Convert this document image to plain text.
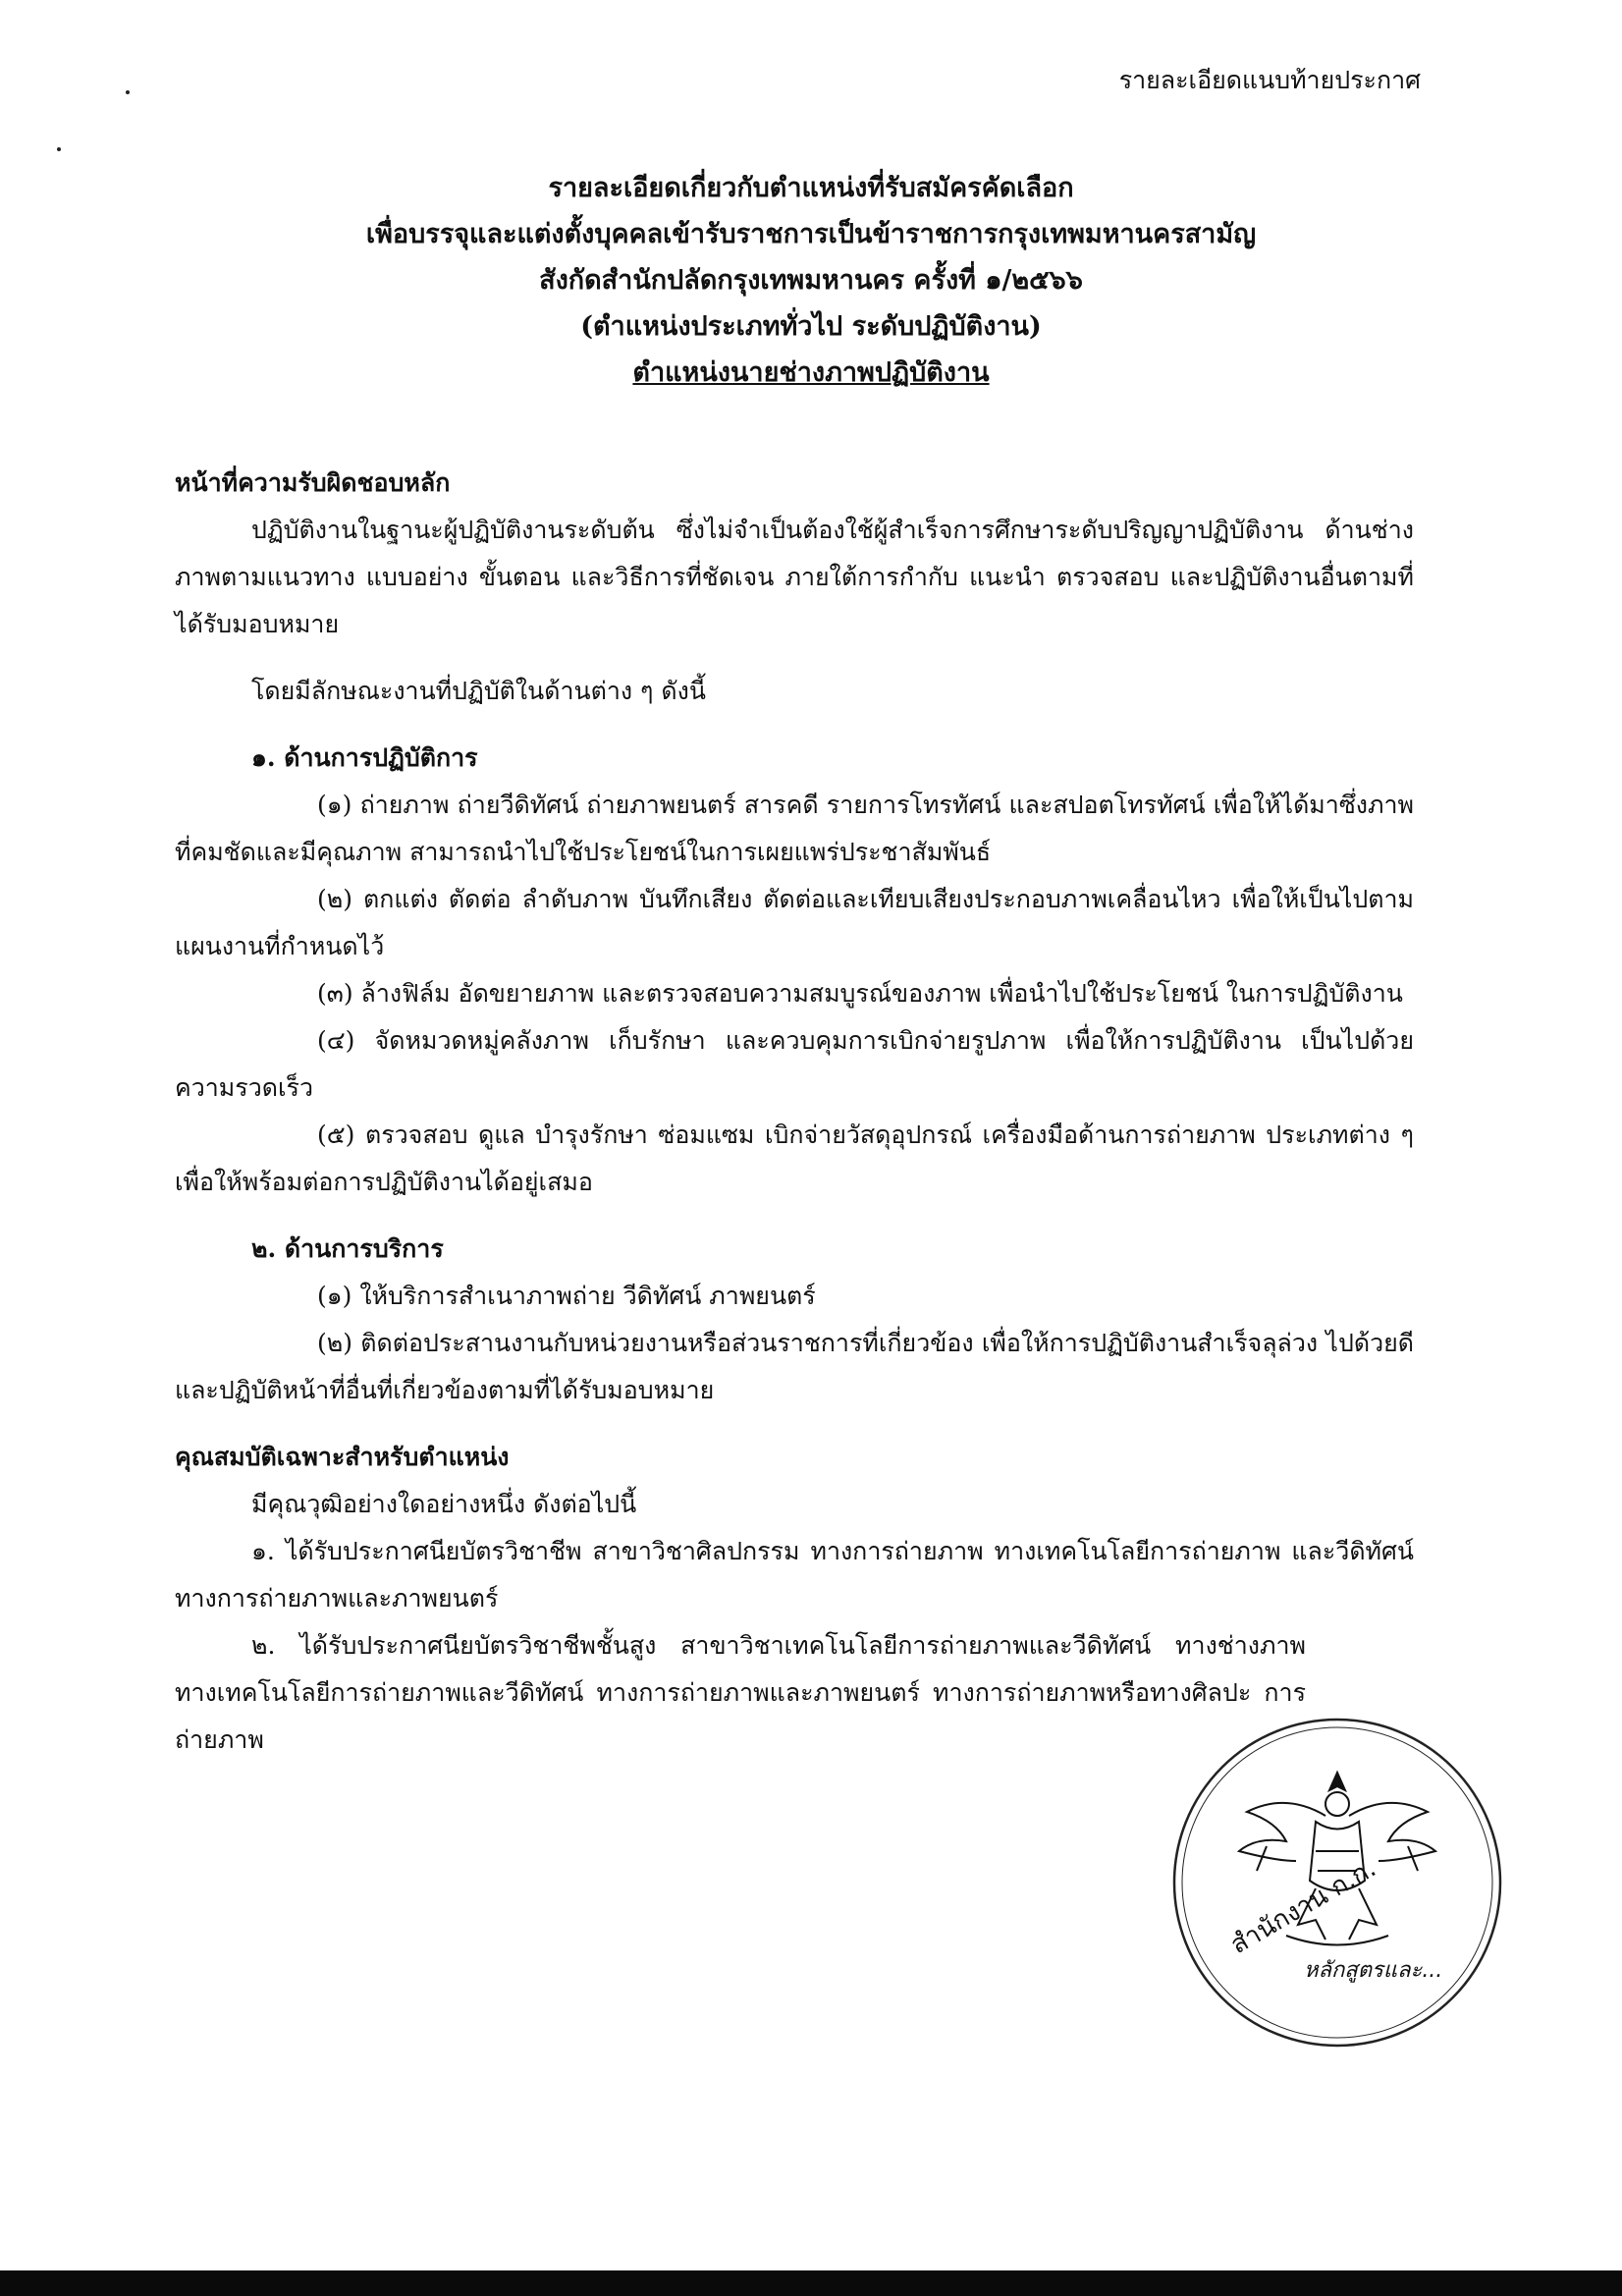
รายละเอียดแนบท้ายประกาศ
รายละเอียดเกี่ยวกับตำแหน่งที่รับสมัครคัดเลือก
เพื่อบรรจุและแต่งตั้งบุคคลเข้ารับราชการเป็นข้าราชการกรุงเทพมหานครสามัญ
สังกัดสำนักปลัดกรุงเทพมหานคร ครั้งที่ ๑/๒๕๖๖
(ตำแหน่งประเภททั่วไป ระดับปฏิบัติงาน)
ตำแหน่งนายช่างภาพปฏิบัติงาน

หน้าที่ความรับผิดชอบหลัก

ปฏิบัติงานในฐานะผู้ปฏิบัติงานระดับต้น ซึ่งไม่จำเป็นต้องใช้ผู้สำเร็จการศึกษาระดับปริญญาปฏิบัติงาน ด้านช่างภาพตามแนวทาง แบบอย่าง ขั้นตอน และวิธีการที่ชัดเจน ภายใต้การกำกับ แนะนำ ตรวจสอบ และปฏิบัติงานอื่นตามที่ได้รับมอบหมาย

โดยมีลักษณะงานที่ปฏิบัติในด้านต่าง ๆ ดังนี้

๑. ด้านการปฏิบัติการ

(๑) ถ่ายภาพ ถ่ายวีดิทัศน์ ถ่ายภาพยนตร์ สารคดี รายการโทรทัศน์ และสปอตโทรทัศน์ เพื่อให้ได้มาซึ่งภาพที่คมชัดและมีคุณภาพ สามารถนำไปใช้ประโยชน์ในการเผยแพร่ประชาสัมพันธ์

(๒) ตกแต่ง ตัดต่อ ลำดับภาพ บันทึกเสียง ตัดต่อและเทียบเสียงประกอบภาพเคลื่อนไหว เพื่อให้เป็นไปตามแผนงานที่กำหนดไว้

(๓) ล้างฟิล์ม อัดขยายภาพ และตรวจสอบความสมบูรณ์ของภาพ เพื่อนำไปใช้ประโยชน์ ในการปฏิบัติงาน

(๔) จัดหมวดหมู่คลังภาพ เก็บรักษา และควบคุมการเบิกจ่ายรูปภาพ เพื่อให้การปฏิบัติงาน เป็นไปด้วยความรวดเร็ว

(๕) ตรวจสอบ ดูแล บำรุงรักษา ซ่อมแซม เบิกจ่ายวัสดุอุปกรณ์ เครื่องมือด้านการถ่ายภาพ ประเภทต่าง ๆ เพื่อให้พร้อมต่อการปฏิบัติงานได้อยู่เสมอ

๒. ด้านการบริการ

(๑) ให้บริการสำเนาภาพถ่าย วีดิทัศน์ ภาพยนตร์

(๒) ติดต่อประสานงานกับหน่วยงานหรือส่วนราชการที่เกี่ยวข้อง เพื่อให้การปฏิบัติงานสำเร็จลุล่วง ไปด้วยดี และปฏิบัติหน้าที่อื่นที่เกี่ยวข้องตามที่ได้รับมอบหมาย

คุณสมบัติเฉพาะสำหรับตำแหน่ง

มีคุณวุฒิอย่างใดอย่างหนึ่ง ดังต่อไปนี้

๑. ได้รับประกาศนียบัตรวิชาชีพ สาขาวิชาศิลปกรรม ทางการถ่ายภาพ ทางเทคโนโลยีการถ่ายภาพ และวีดิทัศน์ ทางการถ่ายภาพและภาพยนตร์

๒. ได้รับประกาศนียบัตรวิชาชีพชั้นสูง สาขาวิชาเทคโนโลยีการถ่ายภาพและวีดิทัศน์ ทางช่างภาพ ทางเทคโนโลยีการถ่ายภาพและวีดิทัศน์ ทางการถ่ายภาพและภาพยนตร์ ทางการถ่ายภาพหรือทางศิลปะ การถ่ายภาพ

สำนักงาน ก.ก.
หลักสูตรและ...
